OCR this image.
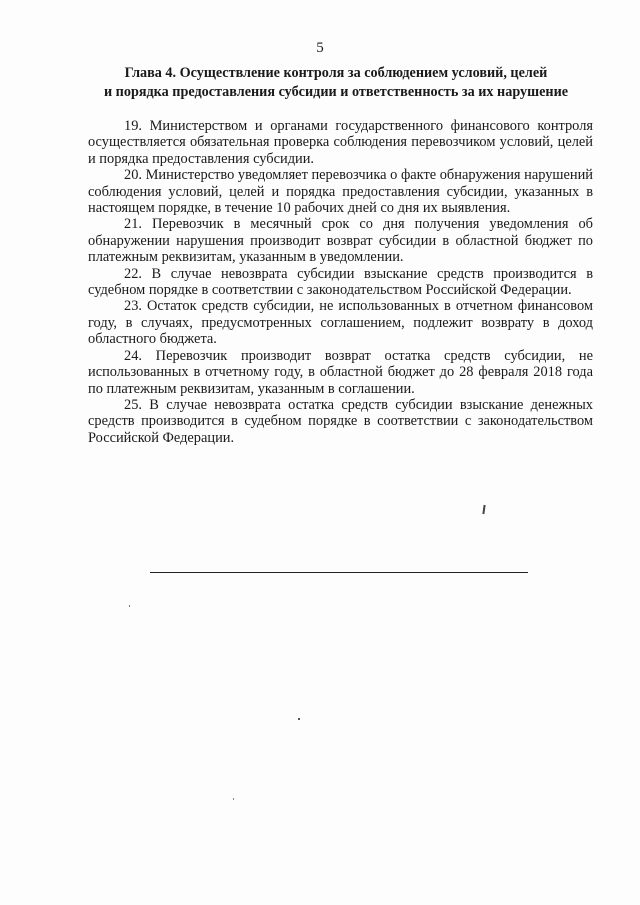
5
Глава 4. Осуществление контроля за соблюдением условий, целей
и порядка предоставления субсидии и ответственность за их нарушение

19. Министерством и органами государственного финансового контроля осуществляется обязательная проверка соблюдения перевозчиком условий, целей и порядка предоставления субсидии.

20. Министерство уведомляет перевозчика о факте обнаружения нарушений соблюдения условий, целей и порядка предоставления субсидии, указанных в настоящем порядке, в течение 10 рабочих дней со дня их выявления.

21. Перевозчик в месячный срок со дня получения уведомления об обнаружении нарушения производит возврат субсидии в областной бюджет по платежным реквизитам, указанным в уведомлении.

22. В случае невозврата субсидии взыскание средств производится в судебном порядке в соответствии с законодательством Российской Федерации.

23. Остаток средств субсидии, не использованных в отчетном финансовом году, в случаях, предусмотренных соглашением, подлежит возврату в доход областного бюджета.

24. Перевозчик производит возврат остатка средств субсидии, не использованных в отчетному году, в областной бюджет до 28 февраля 2018 года по платежным реквизитам, указанным в соглашении.

25. В случае невозврата остатка средств субсидии взыскание денежных средств производится в судебном порядке в соответствии с законодательством Российской Федерации.
